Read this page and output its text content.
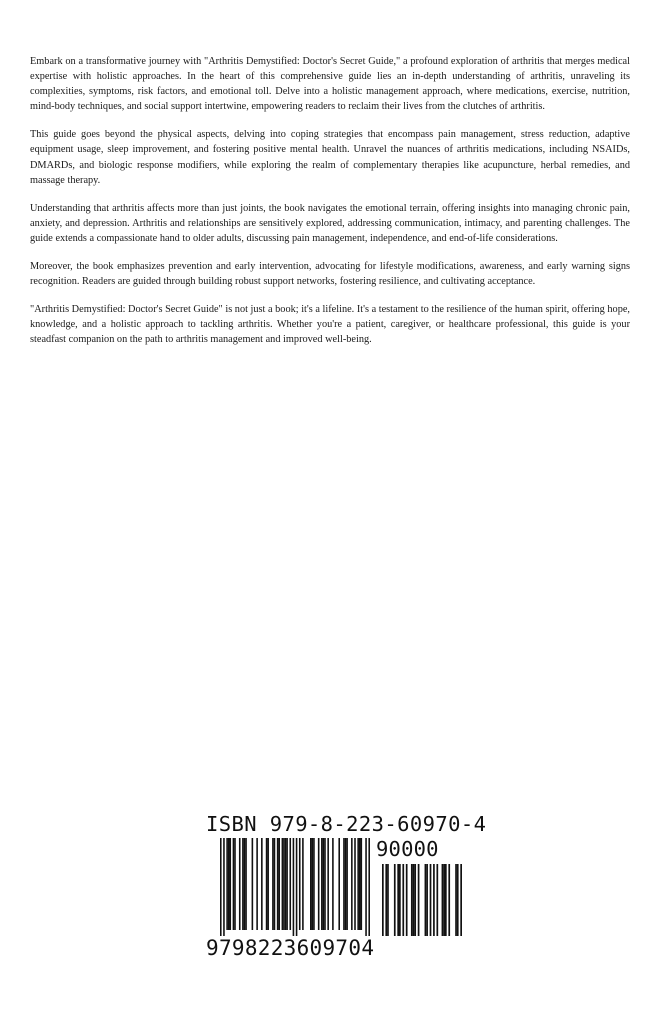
Embark on a transformative journey with "Arthritis Demystified: Doctor's Secret Guide," a profound exploration of arthritis that merges medical expertise with holistic approaches. In the heart of this comprehensive guide lies an in-depth understanding of arthritis, unraveling its complexities, symptoms, risk factors, and emotional toll. Delve into a holistic management approach, where medications, exercise, nutrition, mind-body techniques, and social support intertwine, empowering readers to reclaim their lives from the clutches of arthritis.

This guide goes beyond the physical aspects, delving into coping strategies that encompass pain management, stress reduction, adaptive equipment usage, sleep improvement, and fostering positive mental health. Unravel the nuances of arthritis medications, including NSAIDs, DMARDs, and biologic response modifiers, while exploring the realm of complementary therapies like acupuncture, herbal remedies, and massage therapy.

Understanding that arthritis affects more than just joints, the book navigates the emotional terrain, offering insights into managing chronic pain, anxiety, and depression. Arthritis and relationships are sensitively explored, addressing communication, intimacy, and parenting challenges. The guide extends a compassionate hand to older adults, discussing pain management, independence, and end-of-life considerations.

Moreover, the book emphasizes prevention and early intervention, advocating for lifestyle modifications, awareness, and early warning signs recognition. Readers are guided through building robust support networks, fostering resilience, and cultivating acceptance.

"Arthritis Demystified: Doctor's Secret Guide" is not just a book; it's a lifeline. It's a testament to the resilience of the human spirit, offering hope, knowledge, and a holistic approach to tackling arthritis. Whether you're a patient, caregiver, or healthcare professional, this guide is your steadfast companion on the path to arthritis management and improved well-being.

ISBN 979-8-223-60970-4
90000
9798223609704
